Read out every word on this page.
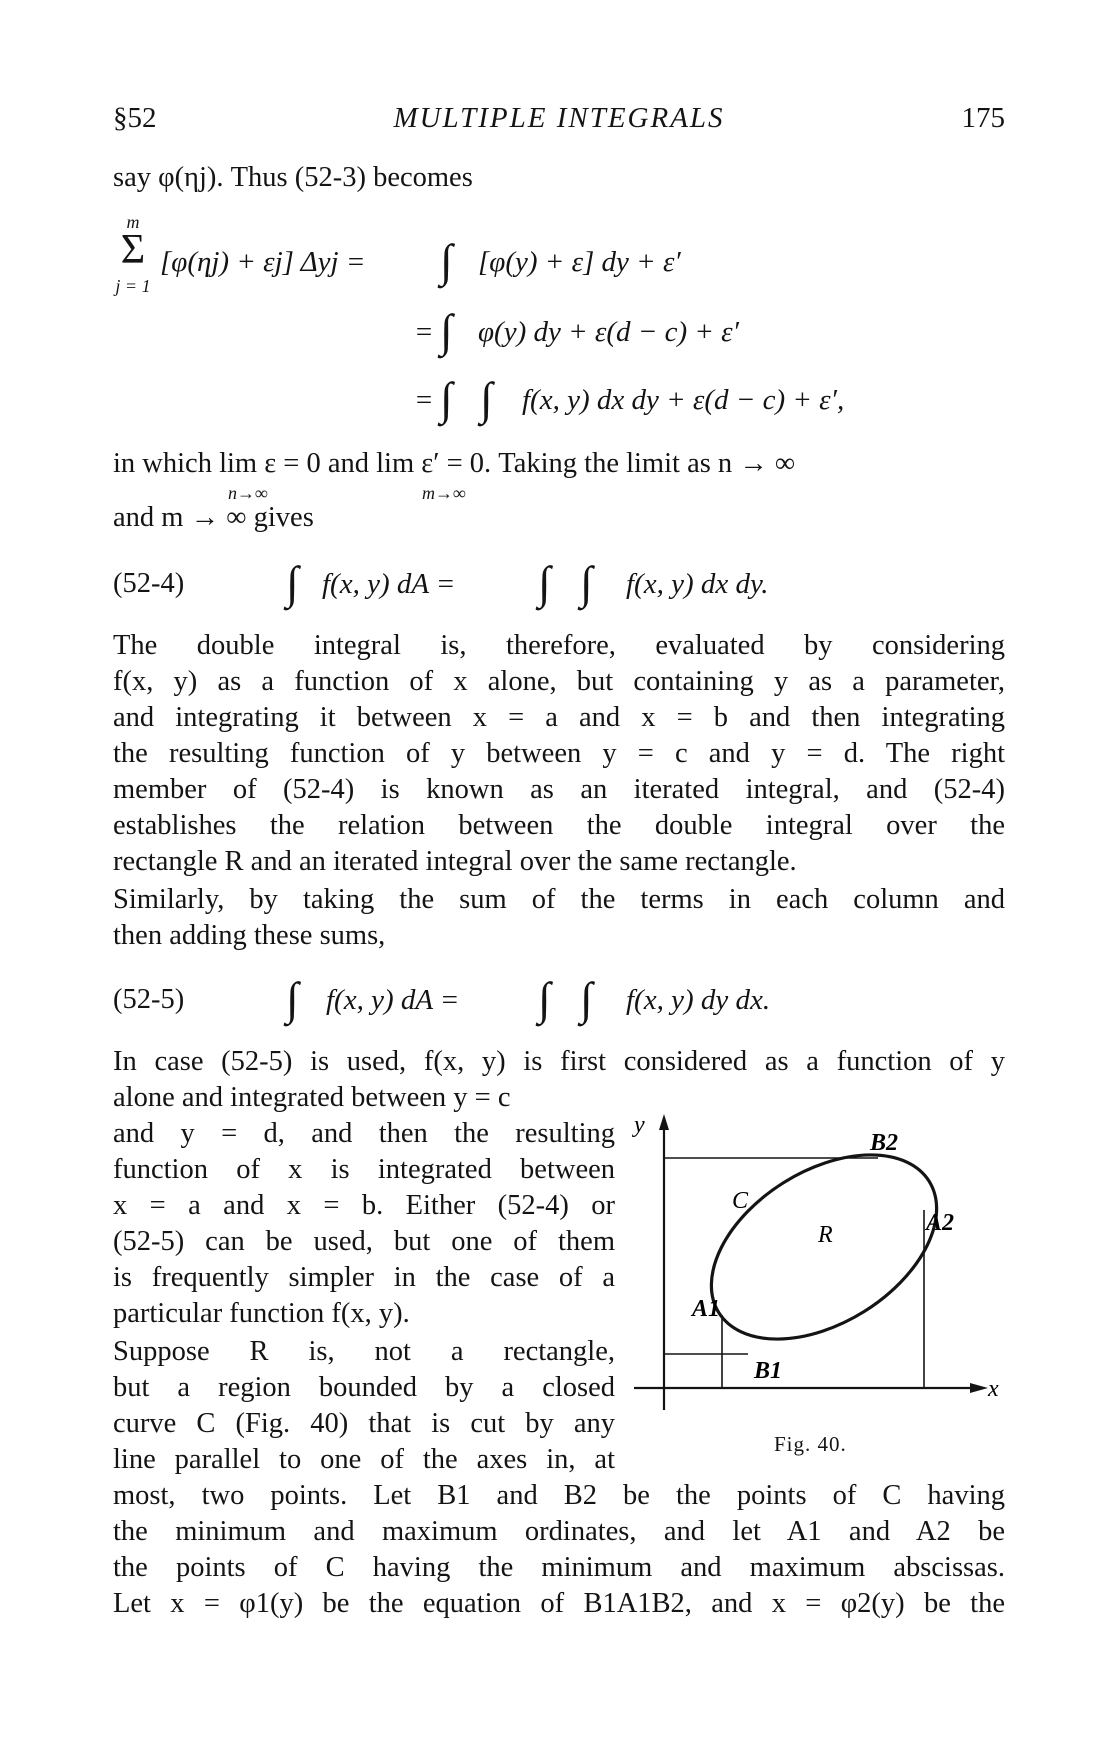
§52	MULTIPLE INTEGRALS	175
say φ(ηj). Thus (52-3) becomes
m
Σ
j = 1
[φ(ηj) + εj] Δyj = ∫ [φ(y) + ε] dy + ε′
= ∫ φ(y) dy + ε(d − c) + ε′
= ∫ ∫ f(x, y) dx dy + ε(d − c) + ε′,
in which lim ε = 0 and lim ε′ = 0. Taking the limit as n → ∞
n→∞	m→∞
and m → ∞ gives
(52-4) ∫ f(x, y) dA = ∫ ∫ f(x, y) dx dy.
The double integral is, therefore, evaluated by considering
f(x, y) as a function of x alone, but containing y as a parameter,
and integrating it between x = a and x = b and then integrating
the resulting function of y between y = c and y = d. The right
member of (52-4) is known as an iterated integral, and (52-4)
establishes the relation between the double integral over the
rectangle R and an iterated integral over the same rectangle.
Similarly, by taking the sum of the terms in each column and
then adding these sums,
(52-5) ∫ f(x, y) dA = ∫ ∫ f(x, y) dy dx.
In case (52-5) is used, f(x, y) is first considered as a function of y
alone and integrated between y = c
and y = d, and then the resulting
function of x is integrated between
x = a and x = b. Either (52-4) or
(52-5) can be used, but one of them
is frequently simpler in the case of a
particular function f(x, y).
Suppose R is, not a rectangle,
but a region bounded by a closed
curve C (Fig. 40) that is cut by any
line parallel to one of the axes in, at
most, two points. Let B1 and B2 be the points of C having
the minimum and maximum ordinates, and let A1 and A2 be
the points of C having the minimum and maximum abscissas.
Let x = φ1(y) be the equation of B1A1B2, and x = φ2(y) be the
y
x
C
R
A1
A2
B1
B2
Fig. 40.
